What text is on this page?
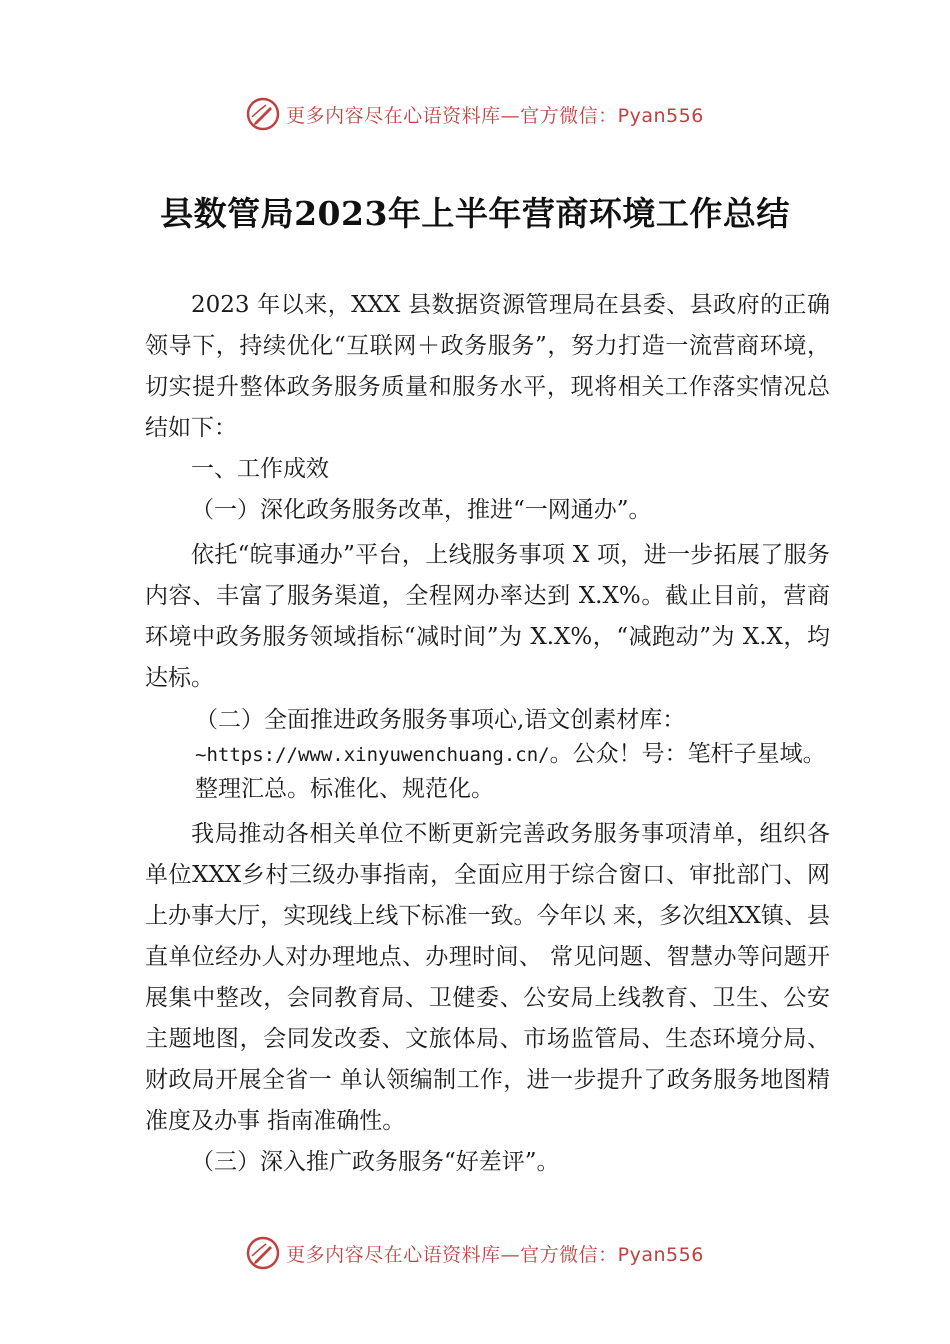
更多内容尽在心语资料库—官方微信：Pyan556
县数管局2023年上半年营商环境工作总结

2023 年以来，XXX 县数据资源管理局在县委、县政府的正确领导下，持续优化“互联网＋政务服务”，努力打造一流营商环境，切实提升整体政务服务质量和服务水平，现将相关工作落实情况总结如下：

一、工作成效

（一）深化政务服务改革，推进“一网通办”。

依托“皖事通办”平台，上线服务事项 X 项，进一步拓展了服务内容、丰富了服务渠道，全程网办率达到 X.X%。截止目前，营商环境中政务服务领域指标“减时间”为 X.X%，“减跑动”为 X.X，均达标。

（二）全面推进政务服务事项心,语文创素材库：~https://www.xinyuwenchuang.cn/。公众！号：笔杆子星域。整理汇总。标准化、规范化。

我局推动各相关单位不断更新完善政务服务事项清单，组织各单位XXX乡村三级办事指南，全面应用于综合窗口、审批部门、网上办事大厅，实现线上线下标准一致。今年以 来，多次组XX镇、县直单位经办人对办理地点、办理时间、 常见问题、智慧办等问题开展集中整改，会同教育局、卫健委、公安局上线教育、卫生、公安主题地图，会同发改委、文旅体局、市场监管局、生态环境分局、财政局开展全省一 单认领编制工作，进一步提升了政务服务地图精准度及办事 指南准确性。

（三）深入推广政务服务“好差评”。

更多内容尽在心语资料库—官方微信：Pyan556
